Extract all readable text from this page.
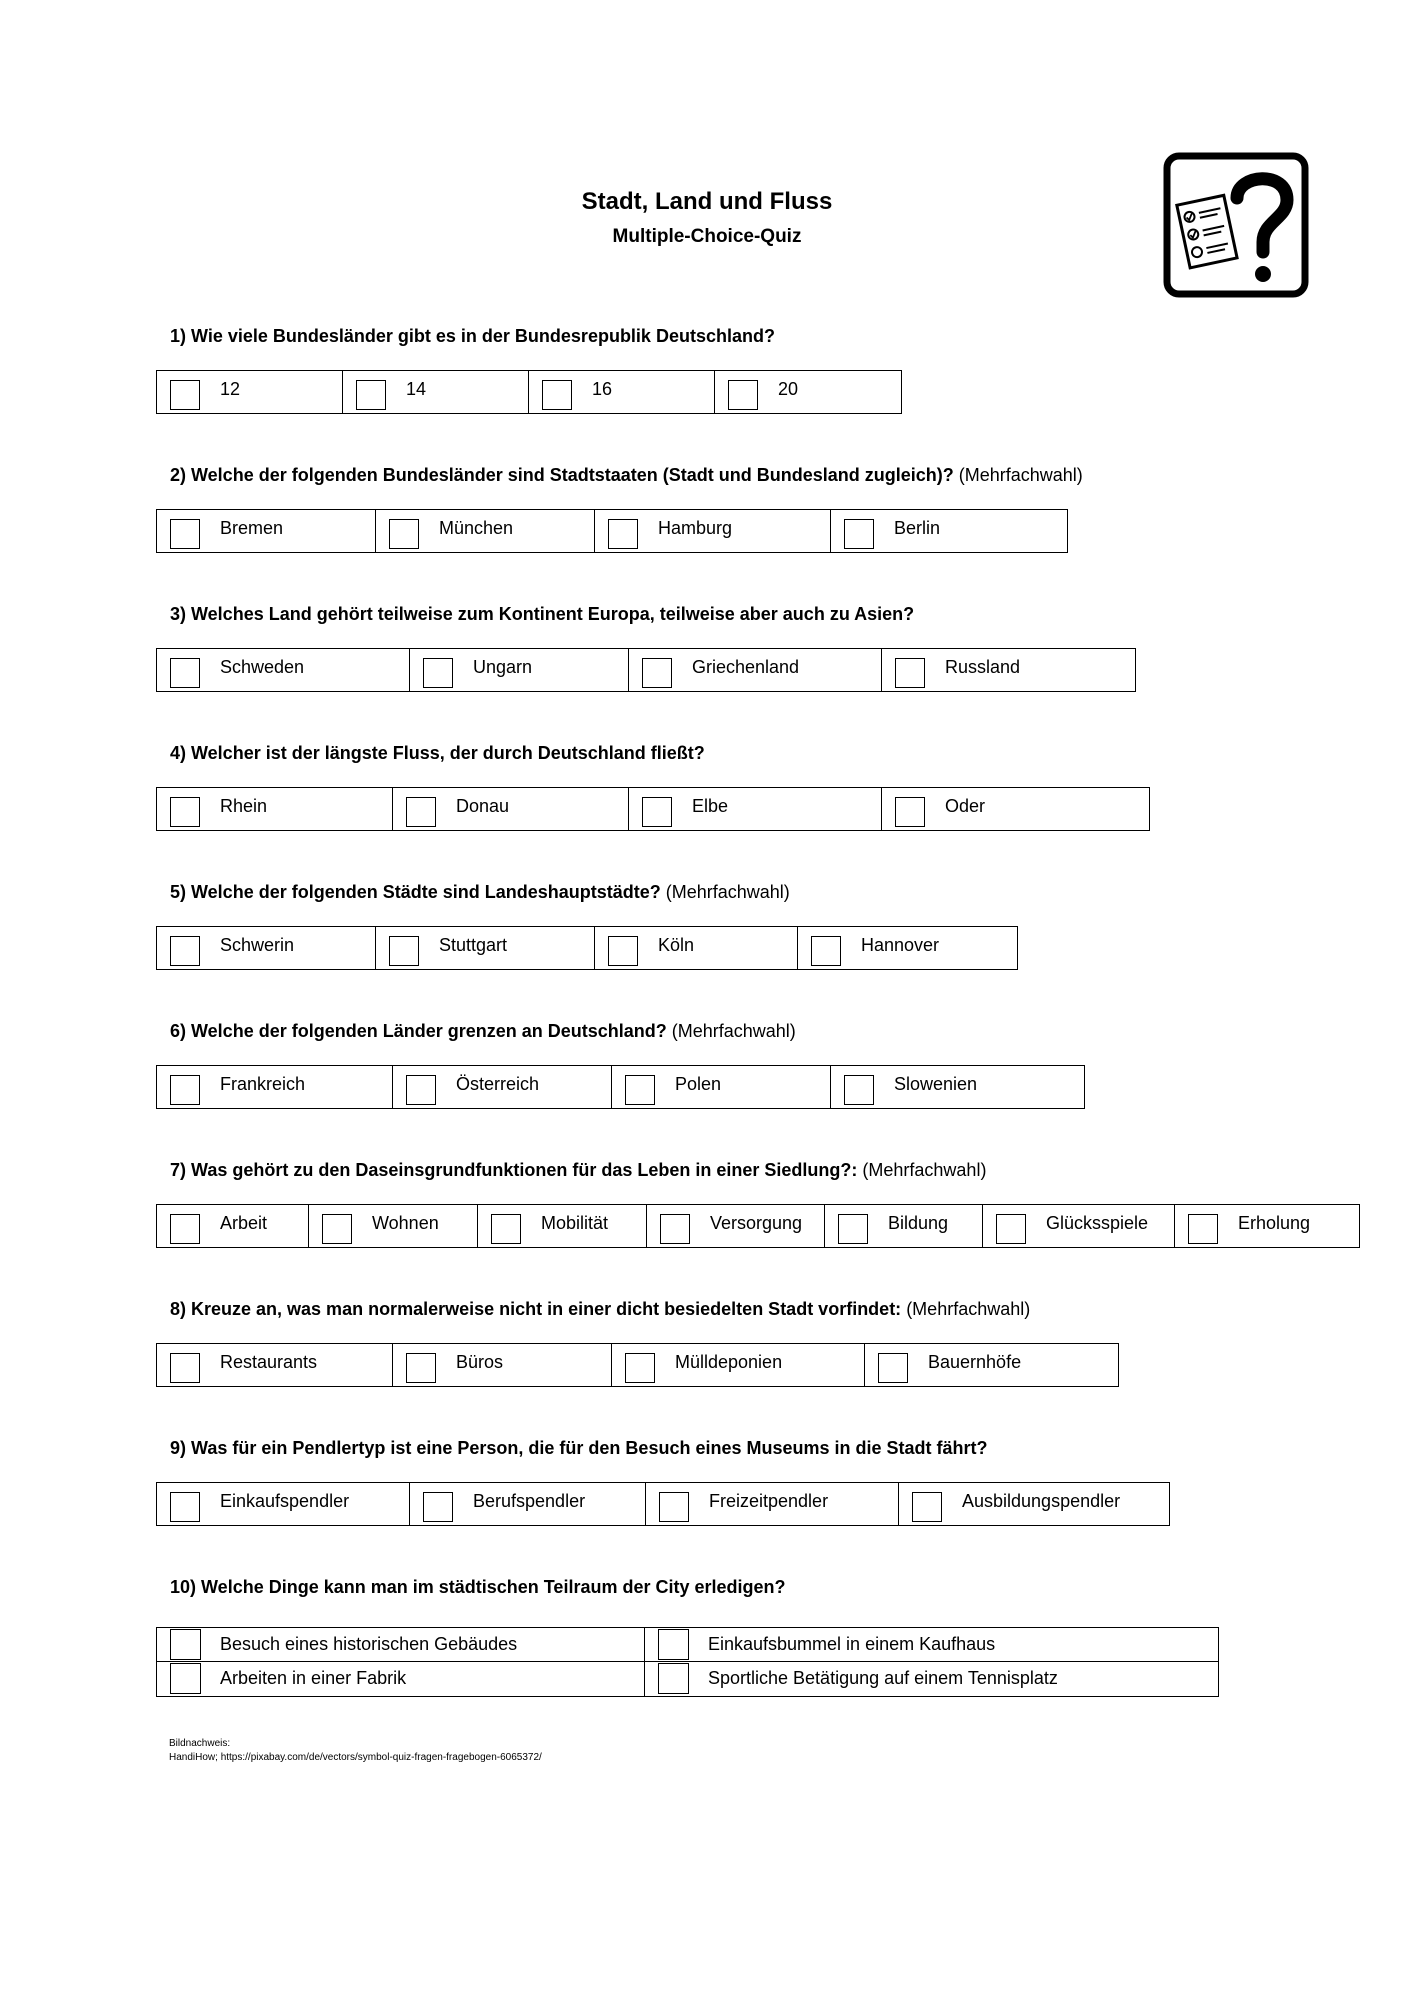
Stadt, Land und Fluss
Multiple-Choice-Quiz
1) Wie viele Bundesländer gibt es in der Bundesrepublik Deutschland?
12	14	16	20
2) Welche der folgenden Bundesländer sind Stadtstaaten (Stadt und Bundesland zugleich)? (Mehrfachwahl)
Bremen	München	Hamburg	Berlin
3) Welches Land gehört teilweise zum Kontinent Europa, teilweise aber auch zu Asien?
Schweden	Ungarn	Griechenland	Russland
4) Welcher ist der längste Fluss, der durch Deutschland fließt?
Rhein	Donau	Elbe	Oder
5) Welche der folgenden Städte sind Landeshauptstädte? (Mehrfachwahl)
Schwerin	Stuttgart	Köln	Hannover
6) Welche der folgenden Länder grenzen an Deutschland? (Mehrfachwahl)
Frankreich	Österreich	Polen	Slowenien
7) Was gehört zu den Daseinsgrundfunktionen für das Leben in einer Siedlung?: (Mehrfachwahl)
Arbeit	Wohnen	Mobilität	Versorgung	Bildung	Glücksspiele	Erholung
8) Kreuze an, was man normalerweise nicht in einer dicht besiedelten Stadt vorfindet: (Mehrfachwahl)
Restaurants	Büros	Mülldeponien	Bauernhöfe
9) Was für ein Pendlertyp ist eine Person, die für den Besuch eines Museums in die Stadt fährt?
Einkaufspendler	Berufspendler	Freizeitpendler	Ausbildungspendler
10) Welche Dinge kann man im städtischen Teilraum der City erledigen?
Besuch eines historischen Gebäudes	Einkaufsbummel in einem Kaufhaus
Arbeiten in einer Fabrik	Sportliche Betätigung auf einem Tennisplatz
Bildnachweis:
HandiHow; https://pixabay.com/de/vectors/symbol-quiz-fragen-fragebogen-6065372/
